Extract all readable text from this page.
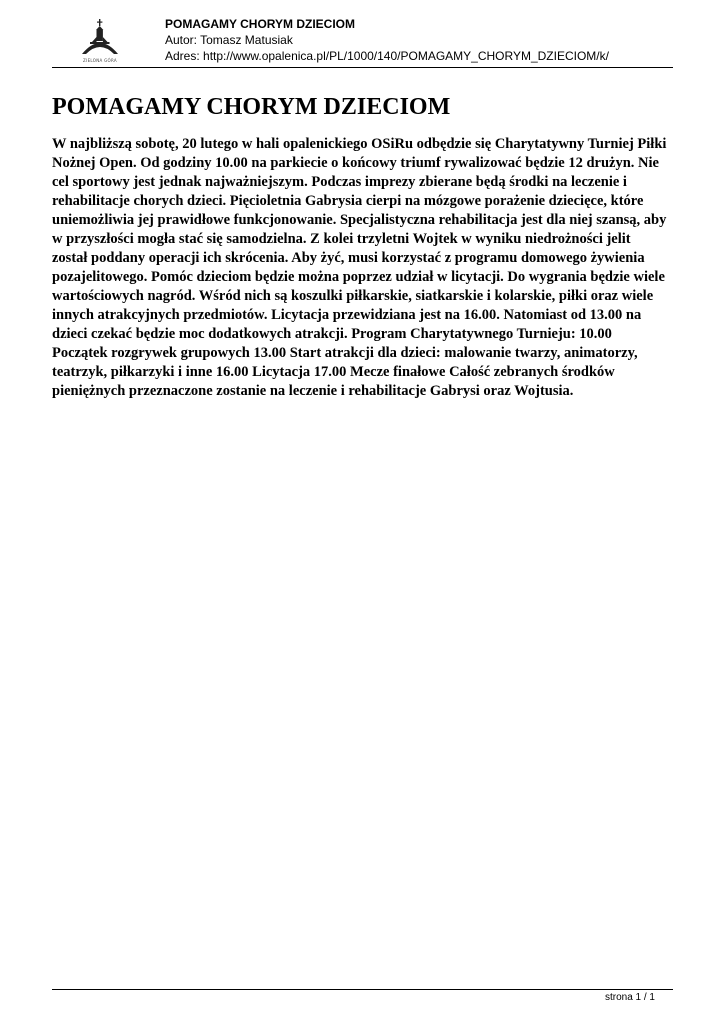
ZIELONA GÓRA
POMAGAMY CHORYM DZIECIOM
Autor: Tomasz Matusiak
Adres: http://www.opalenica.pl/PL/1000/140/POMAGAMY_CHORYM_DZIECIOM/k/
POMAGAMY CHORYM DZIECIOM

W najbliższą sobotę, 20 lutego w hali opalenickiego OSiRu odbędzie się Charytatywny Turniej Piłki
Nożnej Open. Od godziny 10.00 na parkiecie o końcowy triumf rywalizować będzie 12 drużyn. Nie
cel sportowy jest jednak najważniejszym. Podczas imprezy zbierane będą środki na leczenie i
rehabilitacje chorych dzieci. Pięcioletnia Gabrysia cierpi na mózgowe porażenie dziecięce, które
uniemożliwia jej prawidłowe funkcjonowanie. Specjalistyczna rehabilitacja jest dla niej szansą, aby
w przyszłości mogła stać się samodzielna. Z kolei trzyletni Wojtek w wyniku niedrożności jelit
został poddany operacji ich skrócenia. Aby żyć, musi korzystać z programu domowego żywienia
pozajelitowego. Pomóc dzieciom będzie można poprzez udział w licytacji. Do wygrania będzie wiele
wartościowych nagród. Wśród nich są koszulki piłkarskie, siatkarskie i kolarskie, piłki oraz wiele
innych atrakcyjnych przedmiotów. Licytacja przewidziana jest na 16.00. Natomiast od 13.00 na
dzieci czekać będzie moc dodatkowych atrakcji. Program Charytatywnego Turnieju: 10.00
Początek rozgrywek grupowych 13.00 Start atrakcji dla dzieci: malowanie twarzy, animatorzy,
teatrzyk, piłkarzyki i inne 16.00 Licytacja 17.00 Mecze finałowe Całość zebranych środków
pieniężnych przeznaczone zostanie na leczenie i rehabilitacje Gabrysi oraz Wojtusia.

strona 1 / 1
